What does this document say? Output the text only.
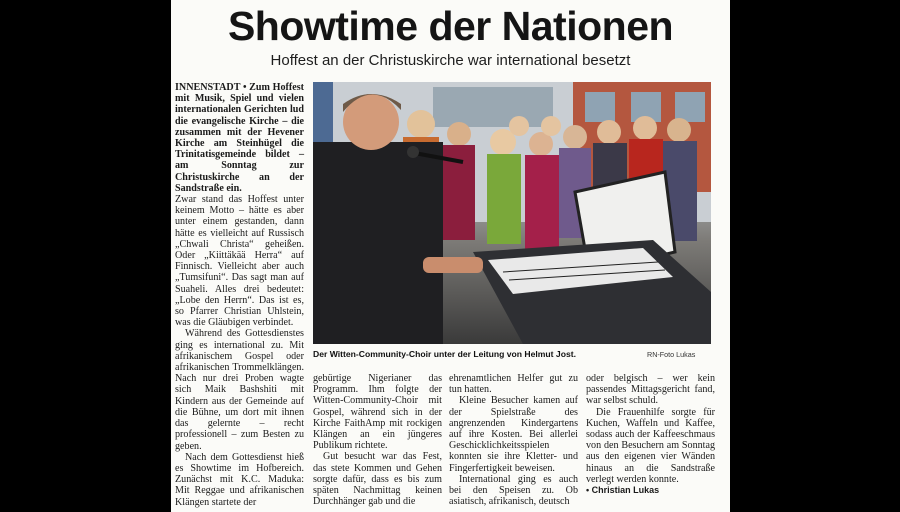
Showtime der Nationen
Hoffest an der Christuskirche war international besetzt

INNENSTADT • Zum Hoffest mit Musik, Spiel und vielen internationalen Gerichten lud die evangelische Kirche – die zusammen mit der Hevener Kirche am Steinhügel die Trinitatisgemeinde bildet – am Sonntag zur Christuskirche an der Sandstraße ein.

Zwar stand das Hoffest unter keinem Motto – hätte es aber unter einem gestanden, dann hätte es vielleicht auf Russisch „Chwali Christa“ geheißen. Oder „Kiittäkää Herra“ auf Finnisch. Vielleicht aber auch „Tumsifuni“. Das sagt man auf Suaheli. Alles drei bedeutet: „Lobe den Herrn“. Das ist es, so Pfarrer Christian Uhlstein, was die Gläubigen verbindet.

Während des Gottesdienstes ging es international zu. Mit afrikanischem Gospel oder afrikanischen Trommelklängen. Nach nur drei Proben wagte sich Maik Bashshiti mit Kindern aus der Gemeinde auf die Bühne, um dort mit ihnen das gelernte – recht professionell – zum Besten zu geben.

Nach dem Gottesdienst hieß es Showtime im Hofbereich. Zunächst mit K.C. Maduka: Mit Reggae und afrikanischen Klängen startete der

Der Witten-Community-Choir unter der Leitung von Helmut Jost.	RN-Foto Lukas

gebürtige Nigerianer das Programm. Ihm folgte der Witten-Community-Choir mit Gospel, während sich in der Kirche FaithAmp mit rockigen Klängen an ein jüngeres Publikum richtete.

Gut besucht war das Fest, das stete Kommen und Gehen sorgte dafür, dass es bis zum späten Nachmittag keinen Durchhänger gab und die

ehrenamtlichen Helfer gut zu tun hatten.

Kleine Besucher kamen auf der Spielstraße des angrenzenden Kindergartens auf ihre Kosten. Bei allerlei Geschicklichkeitsspielen konnten sie ihre Kletter- und Fingerfertigkeit beweisen.

International ging es auch bei den Speisen zu. Ob asiatisch, afrikanisch, deutsch

oder belgisch – wer kein passendes Mittagsgericht fand, war selbst schuld.

Die Frauenhilfe sorgte für Kuchen, Waffeln und Kaffee, sodass auch der Kaffeeschmaus von den Besuchern am Sonntag aus den eigenen vier Wänden hinaus an die Sandstraße verlegt werden konnte.

• Christian Lukas
